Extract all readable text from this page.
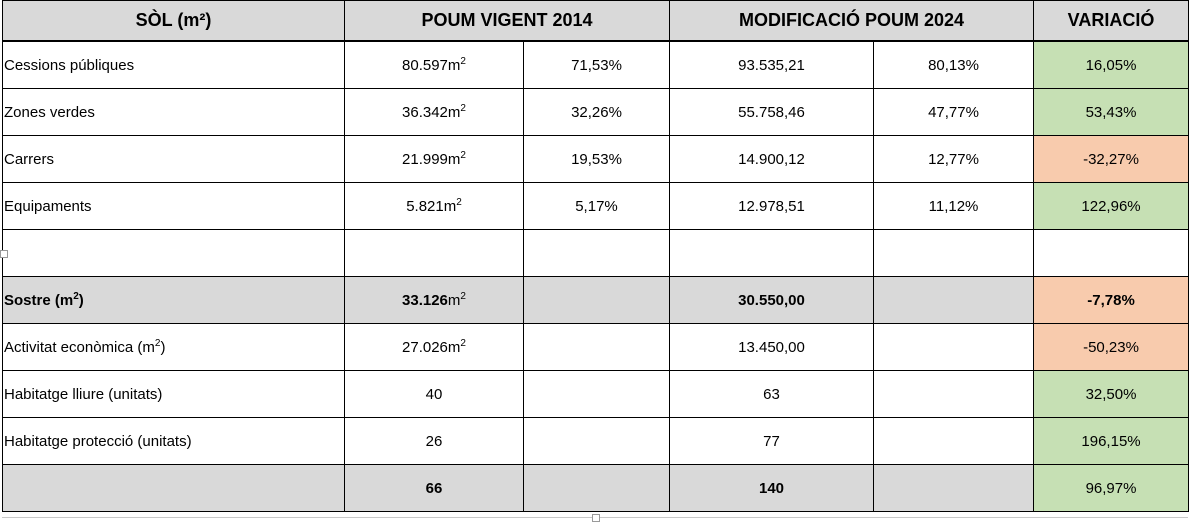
SÒL (m²)	POUM VIGENT 2014		MODIFICACIÓ POUM 2024		VARIACIÓ
Cessions públiques	$80.597m^2$	71,53%	93.535,21	80,13%	16,05%
Zones verdes	$36.342m^2$	32,26%	55.758,46	47,77%	53,43%
Carrers	$21.999m^2$	19,53%	14.900,12	12,77%	-32,27%
Equipaments	$5.821m^2$	5,17%	12.978,51	11,12%	122,96%

Sostre $(m^2)$	$33.126m^2$		30.550,00		-7,78%
Activitat econòmica $(m^2)$	$27.026m^2$		13.450,00		-50,23%
Habitatge lliure (unitats)	40		63		32,50%
Habitatge protecció (unitats)	26		77		196,15%
	66		140		96,97%
